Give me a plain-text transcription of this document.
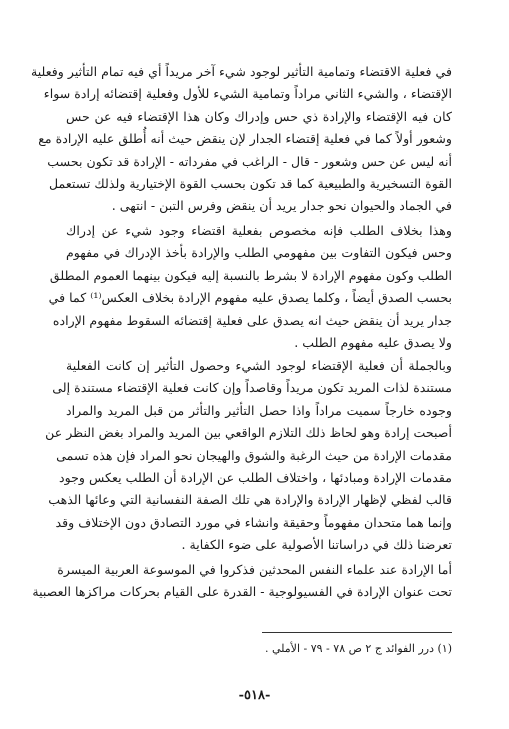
في فعلية الاقتضاء وتمامية التأثير لوجود شيء آخر مريداً أي فيه تمام التأثير وفعلية
الإقتضاء ، والشيء الثاني مراداً وتمامية الشيء للأول وفعلية إقتضائه إرادة سواء
كان فيه الإقتضاء والإرادة ذي حس وإدراك وكان هذا الإقتضاء فيه عن حس
وشعور أولاً كما في فعلية إقتضاء الجدار لإن ينقض حيث أنه أُطلق عليه الإرادة مع
أنه ليس عن حس وشعور - قال - الراغب في مفرداته - الإرادة قد تكون بحسب
القوة التسخيرية والطبيعية كما قد تكون بحسب القوة الإختيارية ولذلك تستعمل
في الجماد والحيوان نحو جدار يريد أن ينقض وفرس التبن - انتهى .
وهذا بخلاف الطلب فإنه مخصوص بفعلية اقتضاء وجود شيء عن إدراك
وحس فيكون التفاوت بين مفهومي الطلب والإرادة بأخذ الإدراك في مفهوم
الطلب وكون مفهوم الإرادة لا بشرط بالنسبة إليه فيكون بينهما العموم المطلق
بحسب الصدق أيضاً ، وكلما يصدق عليه مفهوم الإرادة بخلاف العكس⁽¹⁾ كما في
جدار يريد أن ينقض حيث انه يصدق على فعلية إقتضائه السقوط مفهوم الإراده
ولا يصدق عليه مفهوم الطلب .
وبالجملة أن فعلية الإقتضاء لوجود الشيء وحصول التأثير إن كانت الفعلية
مستندة لذات المريد تكون مريداً وقاصداً وإن كانت فعلية الإقتضاء مستندة إلى
وجوده خارجاً سميت مراداً واذا حصل التأثير والتأثر من قبل المريد والمراد
أصبحت إرادة وهو لحاظ ذلك التلازم الواقعي بين المريد والمراد بغض النظر عن
مقدمات الإرادة من حيث الرغبة والشوق والهيجان نحو المراد فإن هذه تسمى
مقدمات الإرادة ومبادئها ، واختلاف الطلب عن الإرادة أن الطلب يعكس وجود
قالب لفظي لإظهار الإرادة والإرادة هي تلك الصفة النفسانية التي وعائها الذهب
وإنما هما متحدان مفهوماً وحقيقة وانشاء في مورد التصادق دون الإختلاف وقد
تعرضنا ذلك في دراساتنا الأصولية على ضوء الكفاية .
أما الإرادة عند علماء النفس المحدثين فذكروا في الموسوعة العربية الميسرة
تحت عنوان الإرادة في الفسيولوجية - القدرة على القيام بحركات مراكزها العصبية
(١) درر الفوائد ج ٢ ص ٧٨ - ٧٩ - الأملي .
-٥١٨-
